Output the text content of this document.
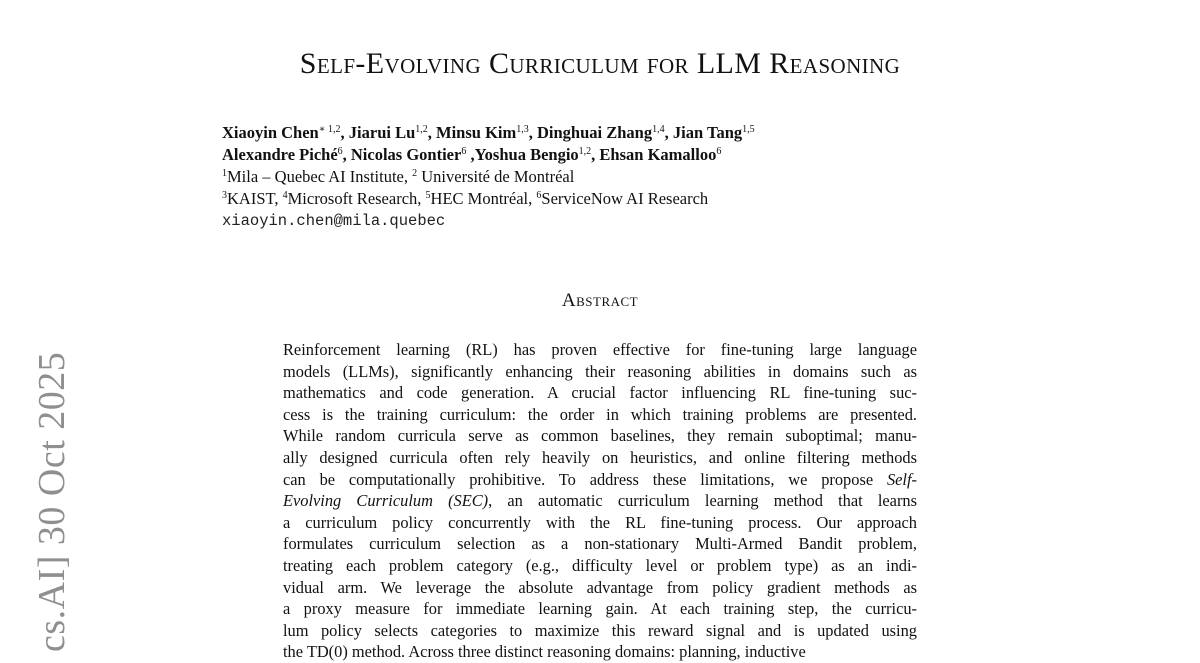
cs.AI] 30 Oct 2025
Self-Evolving Curriculum for LLM Reasoning
Xiaoyin Chen$^{∗ 1,2}$, Jiarui Lu$^{1,2}$, Minsu Kim$^{1,3}$, Dinghuai Zhang$^{1,4}$, Jian Tang$^{1,5}$
Alexandre Piché$^6$, Nicolas Gontier$^6$ ,Yoshua Bengio$^{1,2}$, Ehsan Kamalloo$^6$
$^1$Mila – Quebec AI Institute, $^2$ Université de Montréal
$^3$KAIST, $^4$Microsoft Research, $^5$HEC Montréal, $^6$ServiceNow AI Research
xiaoyin.chen@mila.quebec
Abstract
Reinforcement learning (RL) has proven effective for fine-tuning large language
models (LLMs), significantly enhancing their reasoning abilities in domains such as
mathematics and code generation. A crucial factor influencing RL fine-tuning suc-
cess is the training curriculum: the order in which training problems are presented.
While random curricula serve as common baselines, they remain suboptimal; manu-
ally designed curricula often rely heavily on heuristics, and online filtering methods
can be computationally prohibitive. To address these limitations, we propose Self-
Evolving Curriculum (SEC), an automatic curriculum learning method that learns
a curriculum policy concurrently with the RL fine-tuning process. Our approach
formulates curriculum selection as a non-stationary Multi-Armed Bandit problem,
treating each problem category (e.g., difficulty level or problem type) as an indi-
vidual arm. We leverage the absolute advantage from policy gradient methods as
a proxy measure for immediate learning gain. At each training step, the curricu-
lum policy selects categories to maximize this reward signal and is updated using
the TD(0) method. Across three distinct reasoning domains: planning, inductive
